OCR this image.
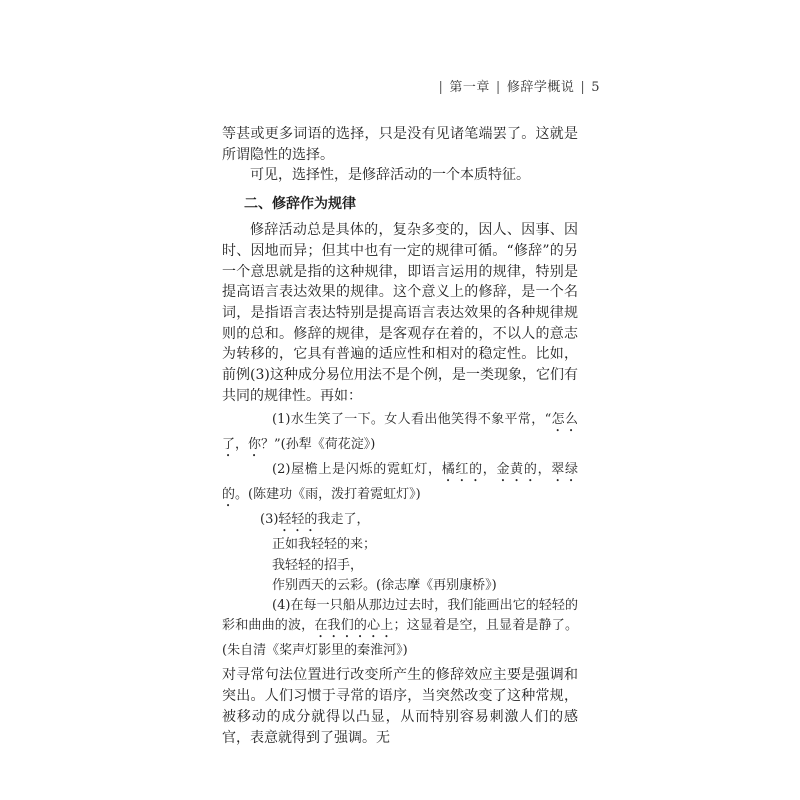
| 第一章 | 修辞学概说 | 5

等甚或更多词语的选择，只是没有见诸笔端罢了。这就是所谓隐性的选择。

可见，选择性，是修辞活动的一个本质特征。

二、修辞作为规律

修辞活动总是具体的，复杂多变的，因人、因事、因时、因地而异；但其中也有一定的规律可循。“修辞”的另一个意思就是指的这种规律，即语言运用的规律，特别是提高语言表达效果的规律。这个意义上的修辞，是一个名词，是指语言表达特别是提高语言表达效果的各种规律规则的总和。修辞的规律，是客观存在着的，不以人的意志为转移的，它具有普遍的适应性和相对的稳定性。比如，前例(3)这种成分易位用法不是个例，是一类现象，它们有共同的规律性。再如：

(1)水生笑了一下。女人看出他笑得不象平常，“怎么了，你？”(孙犁《荷花淀》)

(2)屋檐上是闪烁的霓虹灯，橘红的，金黄的，翠绿的。(陈建功《雨，泼打着霓虹灯》)

(3)轻轻的我走了，

正如我轻轻的来；

我轻轻的招手，

作别西天的云彩。(徐志摩《再别康桥》)

(4)在每一只船从那边过去时，我们能画出它的轻轻的彩和曲曲的波，在我们的心上；这显着是空，且显着是静了。(朱自清《桨声灯影里的秦淮河》)

对寻常句法位置进行改变所产生的修辞效应主要是强调和突出。人们习惯于寻常的语序，当突然改变了这种常规，被移动的成分就得以凸显，从而特别容易刺激人们的感官，表意就得到了强调。无
